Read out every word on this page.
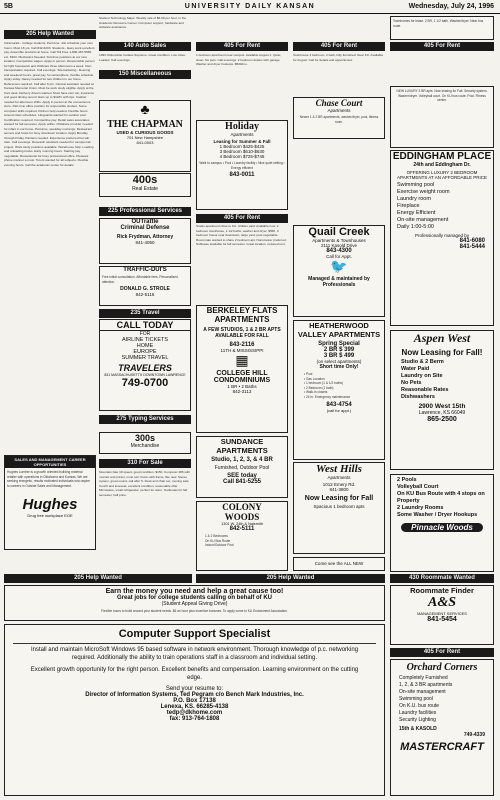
5B	UNIVERSITY DAILY KANSAN	Wednesday, July 24, 1996
205 Help Wanted
Intramurals - College students. Part time. Job schedule your own hours. Must 18 yrs. Call 842-6203. Students - Easy work excellent pay. Assemble products at home. Call Toll Free 1-800-467-5566 ext. 8103. Mechanics Needed. Full-time positions at our new location. Competitive wages. Apply in person. Responsible person for light housework and childcare three afternoons a week. Own transportation required. Call evenings. Telemarketing - Evening and weekend hours, great pay, fun atmosphere, flexible schedule. Apply today. Nanny needed for two children in our home. References required. Call after 6 pm. Clerical assistant needed at Kansas Memorial Union. Must be work study eligible. Apply at the front desk. Delivery drivers wanted. Must have own car, insurance and good driving record. Earn up to $12/hr with tips. Cashier needed for afternoon shifts. Apply in person at the convenience store. Part-time office position for responsible student. Some computer skills required. Kitchen help needed. Flexible hours around class schedules. Lifeguards wanted for outdoor pool. Certification required. Competitive pay. Retail sales associates wanted for fall semester. Apply within. Childcare provider needed for infant in our home. Part-time, weekday mornings. Restaurant servers and hosts for busy downtown location. Apply Monday through Friday. Painters needed. Experience preferred but will train. Call evenings. Research assistant needed for campus lab project. Work study positions available. Warehouse help. Loading and unloading trucks. Early morning hours. Starting pay negotiable. Receptionist for busy professional office. Pleasant phone manner a must. Tutors wanted for all subjects. Flexible evening hours. Call the academic center for details.
SALES AND MANAGEMENT CAREER OPPORTUNITIES
Hughes Lumber is a growth oriented building material retailer with operations in Oklahoma and Kansas. We are seeking energetic, results motivated individuals who aspire to careers in Outside Sales and Management.
Hughes
Drug free workplace EOE
Student Technology Major. Weekly rate of $6.00 per hour, in the Academic Resource Center. Computer support, hardware and software assistance.
140 Auto Sales
1993 Oldsmobile Cutlass Supreme. Great condition. Low miles. Loaded. Call evenings.
150 Miscellaneous
♣
THE CHAPMAN
USED & CURIOUS GOODS
701 New Hampshire
841-0003
400s
Real Estate
225 Professional Services
OUTrattle
Criminal Defense
Rick Frydman, Attorney
841-4050
TRAFFIC-DUI'S
Free initial consultation. Affordable fees. Personalized attention.
DONALD G. STROLE
842-5116
235 Travel
CALL TODAY
FOR
AIRLINE TICKETS
HOME
EUROPE
SUMMER TRAVEL
TRAVELERS
831 MASSACHUSETTS DOWNTOWN LAWRENCE
749-0700
275 Typing Services
300s
Merchandise
310 For Sale
Mountain bike 18 speed, good condition, $150. Computer 486 with monitor and printer, must sell. Futon with frame, like new. Stereo system, great sound, call after 5. Desk and chair set, moving sale. Couch and loveseat, excellent condition, reasonable offer. Microwave, small refrigerator, perfect for dorm. Textbooks for fall semester, half price.
405 For Rent
1 bedroom apartment near campus. Available August 1. Quiet, clean. No pets. Call evenings. 2 bedroom duplex with garage. Washer and dryer hookups. $500/mo.
Holiday
Apartments
Leasing for Summer & Fall
1 Bedroom $425-$425
3 Bedroom $610-$630
4 Bedroom $725-$745
Walk to campus • Pool • Laundry facility • Nice quiet setting • Energy efficient
843-0011
405 For Rent
Studio apartment close to KU. Utilities paid. Available now. 2 bedroom townhouse, 1 1/2 baths, washer and dryer, $550. 3 bedroom house near downtown, large yard, pets negotiable. Roommate wanted to share 2 bedroom apt. Nonsmoker preferred. Sublease available for fall semester. Great location, reduced rent.
BERKELEY FLATS APARTMENTS
A FEW STUDIOS, 1 & 2 BR APTS AVAILABLE FOR FALL
843-2116
11TH & MISSISSIPPI
▦
COLLEGE HILL CONDOMINIUMS
1 BR • 2 Baths
842-3113
SUNDANCE APARTMENTS
Studio, 1, 2, 3, & 4 BR
Furnished, Outdoor Pool
SEE today
Call 841-5255
COLONY
WOODS
1301 W. 24th & Naismith
842-5111
1 & 2 Bedrooms
On KU Bus Route
Indoor/Outdoor Pool
405 For Rent
Townhouse 3 bedroom, 2 bath, fully furnished. Near KU. Available for August. Call for details and appointment.
Chase Court
Apartments
Newer 1 & 2 BR apartments, washer/dryer, pool, fitness room.
Quail Creek
Apartments & Townhouses
2111 Kasold Drive
843-4300
Call for Appt.
🐦
Managed & maintained by Professionals
HEATHERWOOD VALLEY APARTMENTS
Spring Special
2 BR $ 399
3 BR $ 499
(on select apartments)
Short time Only!
• Pool
• Gas Location
• 1 bedroom (1 & 1/2 baths)
• 2 Bedroom (1 bath)
• Walk-in closets
• 24 hr. Emergency maintenance
843-4754
(call for appt.)
West Hills
Apartments
1012 Emery Rd.
841-3800
Now Leasing for Fall
Spacious 1 bedroom apts
Come see the ALL NEW
405 For Rent
NEW LUXURY 3 BR apts. Now leasing for Fall. Security system. Washer/dryer. Volleyball court. On KU bus route. Pool. Fitness center.
EDDINGHAM PLACE
24th and Eddingham Dr.
OFFERING LUXURY 2 BEDROOM APARTMENTS AT AN AFFORDABLE PRICE
Swimming pool
Exercise weight room
Laundry room
Fireplace
Energy Efficient
On-site management
Daily 1:00-5:00
Professionally managed by
841-6080
841-5444
Aspen West
Now Leasing for Fall!
Studio & 2 Berm
Water Paid
Laundry on Site
No Pets
Reasonable Rates
Dishwashers
2900 West 15th
Lawrence, KS 66049
865-2500
2 Pools
Volleyball Court
On KU Bus Route with 4 stops on Property
2 Laundry Rooms
Some Washer / Dryer Hookups
Pinnacle Woods
Townhomes for lease. 2 BR, 1 1/2 bath. Washer/dryer. Near bus route.
205 Help Wanted	205 Help Wanted
Earn the money you need and help a great cause too!
Great jobs for college students calling on behalf of KU
(Student Appeal Giving Drive)
Flexible hours to build around your student needs. $6 an hour plus incentive bonuses. To apply come to KU Endowment Association.
Computer Support Specialist
Install and maintain MicroSoft Windows 95 based software in network environment. Thorough knowledge of p.c. networking required. Additionally the ability to train operations staff in a classroom and individual setting.
Excellent growth opportunity for the right person. Excellent benefits and compensation. Learning environment on the cutting edge.
Send your resume to:
Director of Information Systems, Ted Pegram c/o Bench Mark Industries, Inc.
P.O. Box 17138
Lenexa, KS. 66285-4138
tedp@dkhome.com
fax: 913-764-1808
430 Roommate Wanted
Roommate Finder
A&S
MANAGEMENT SERVICES
841-5454
405 For Rent
Orchard Corners
Completely Furnished
1, 2, & 3 BR apartments
On-site management
Swimming pool
On K.U. bus route
Laundry facilities
Security Lighting
15th & KASOLD
749-4339
MASTERCRAFT
